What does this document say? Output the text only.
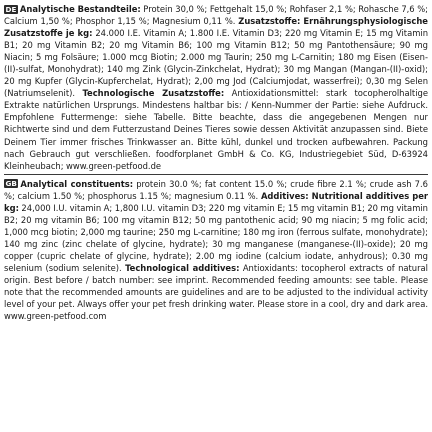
DE Analytische Bestandteile: Protein 30,0 %; Fettgehalt 15,0 %; Rohfaser 2,1 %; Rohasche 7,6 %; Calcium 1,50 %; Phosphor 1,15 %; Magnesium 0,11 %. Zusatzstoffe: Ernährungsphysiologische Zusatzstoffe je kg: 24.000 I.E. Vitamin A; 1.800 I.E. Vitamin D3; 220 mg Vitamin E; 15 mg Vitamin B1; 20 mg Vitamin B2; 20 mg Vitamin B6; 100 mg Vitamin B12; 50 mg Pantothensäure; 90 mg Niacin; 5 mg Folsäure; 1.000 mcg Biotin; 2.000 mg Taurin; 250 mg L-Carnitin; 180 mg Eisen (Eisen-(II)-sulfat, Monohydrat); 140 mg Zink (Glycin-Zinkchelat, Hydrat); 30 mg Mangan (Mangan-(II)-oxid); 20 mg Kupfer (Glycin-Kupferchelat, Hydrat); 2,00 mg Jod (Calciumjodat, wasserfrei); 0,30 mg Selen (Natriumselenit). Technologische Zusatzstoffe: Antioxidationsmittel: stark tocopherolhaltige Extrakte natürlichen Ursprungs. Mindestens haltbar bis: / Kenn-Nummer der Partie: siehe Aufdruck. Empfohlene Futtermenge: siehe Tabelle. Bitte beachte, dass die angegebenen Mengen nur Richtwerte sind und dem Futterzustand Deines Tieres sowie dessen Aktivität anzupassen sind. Biete Deinem Tier immer frisches Trinkwasser an. Bitte kühl, dunkel und trocken aufbewahren. Packung nach Gebrauch gut verschließen. foodforplanet GmbH & Co. KG, Industriegebiet Süd, D-63924 Kleinheubach; www.green-petfood.de
GB Analytical constituents: protein 30.0 %; fat content 15.0 %; crude fibre 2.1 %; crude ash 7.6 %; calcium 1.50 %; phosphorus 1.15 %; magnesium 0.11 %. Additives: Nutritional additives per kg: 24,000 I.U. vitamin A; 1,800 I.U. vitamin D3; 220 mg vitamin E; 15 mg vitamin B1; 20 mg vitamin B2; 20 mg vitamin B6; 100 mg vitamin B12; 50 mg pantothenic acid; 90 mg niacin; 5 mg folic acid; 1,000 mcg biotin; 2,000 mg taurine; 250 mg L-carnitine; 180 mg iron (ferrous sulfate, monohydrate); 140 mg zinc (zinc chelate of glycine, hydrate); 30 mg manganese (manganese-(II)-oxide); 20 mg copper (cupric chelate of glycine, hydrate); 2.00 mg iodine (calcium iodate, anhydrous); 0.30 mg selenium (sodium selenite). Technological additives: Antioxidants: tocopherol extracts of natural origin. Best before / batch number: see imprint. Recommended feeding amounts: see table. Please note that the recommended amounts are guidelines and are to be adjusted to the individual activity level of your pet. Always offer your pet fresh drinking water. Please store in a cool, dry and dark area. www.green-petfood.com
